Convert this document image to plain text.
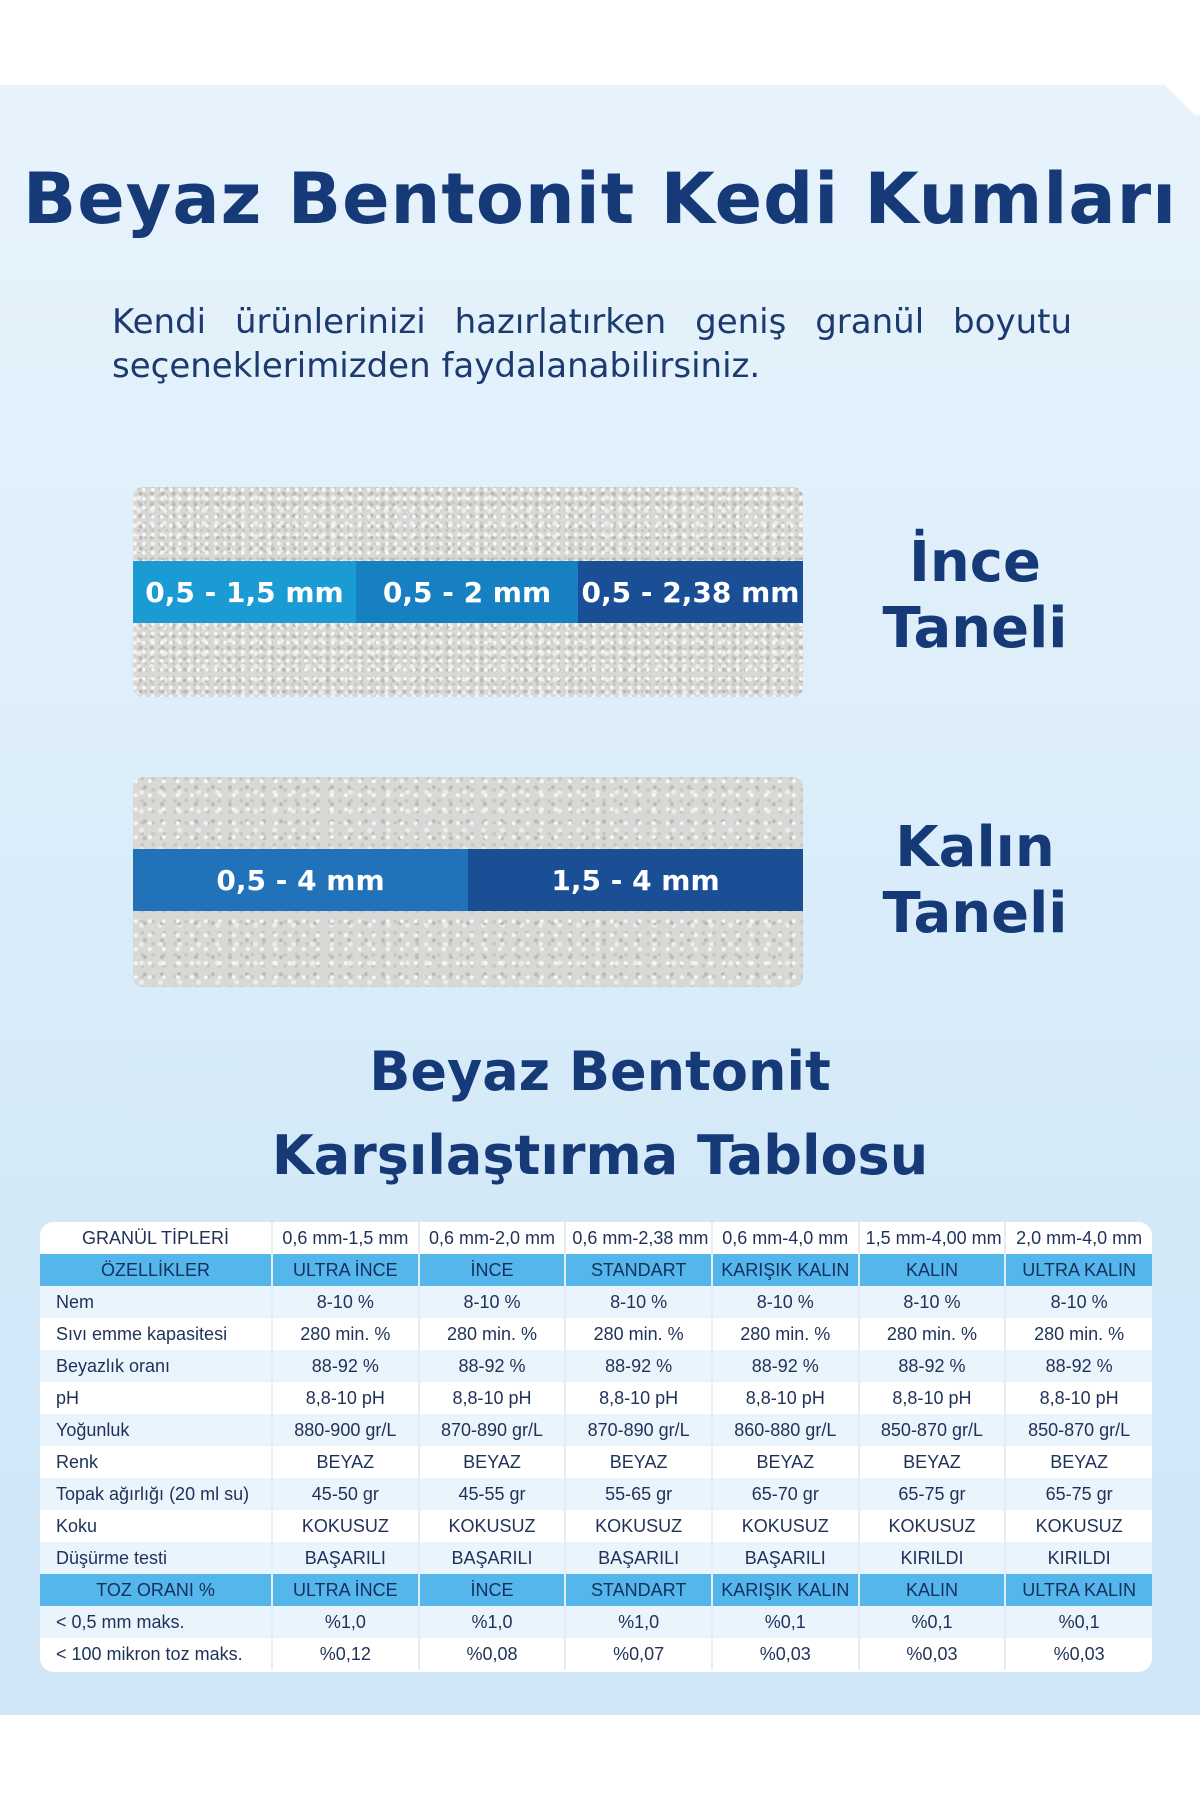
Beyaz Bentonit Kedi Kumları
Kendi ürünlerinizi hazırlatırken geniş granül boyutu seçeneklerimizden faydalanabilirsiniz.
0,5 - 1,5 mm	0,5 - 2 mm	0,5 - 2,38 mm	İnce
Taneli
0,5 - 4 mm	1,5 - 4 mm	Kalın
Taneli
Beyaz Bentonit
Karşılaştırma Tablosu
GRANÜL TİPLERİ	0,6 mm-1,5 mm	0,6 mm-2,0 mm	0,6 mm-2,38 mm	0,6 mm-4,0 mm	1,5 mm-4,00 mm	2,0 mm-4,0 mm
ÖZELLİKLER	ULTRA İNCE	İNCE	STANDART	KARIŞIK KALIN	KALIN	ULTRA KALIN
Nem	8-10 %	8-10 %	8-10 %	8-10 %	8-10 %	8-10 %
Sıvı emme kapasitesi	280 min. %	280 min. %	280 min. %	280 min. %	280 min. %	280 min. %
Beyazlık oranı	88-92 %	88-92 %	88-92 %	88-92 %	88-92 %	88-92 %
pH	8,8-10 pH	8,8-10 pH	8,8-10 pH	8,8-10 pH	8,8-10 pH	8,8-10 pH
Yoğunluk	880-900 gr/L	870-890 gr/L	870-890 gr/L	860-880 gr/L	850-870 gr/L	850-870 gr/L
Renk	BEYAZ	BEYAZ	BEYAZ	BEYAZ	BEYAZ	BEYAZ
Topak ağırlığı (20 ml su)	45-50 gr	45-55 gr	55-65 gr	65-70 gr	65-75 gr	65-75 gr
Koku	KOKUSUZ	KOKUSUZ	KOKUSUZ	KOKUSUZ	KOKUSUZ	KOKUSUZ
Düşürme testi	BAŞARILI	BAŞARILI	BAŞARILI	BAŞARILI	KIRILDI	KIRILDI
TOZ ORANI %	ULTRA İNCE	İNCE	STANDART	KARIŞIK KALIN	KALIN	ULTRA KALIN
< 0,5 mm maks.	%1,0	%1,0	%1,0	%0,1	%0,1	%0,1
< 100 mikron toz maks.	%0,12	%0,08	%0,07	%0,03	%0,03	%0,03
